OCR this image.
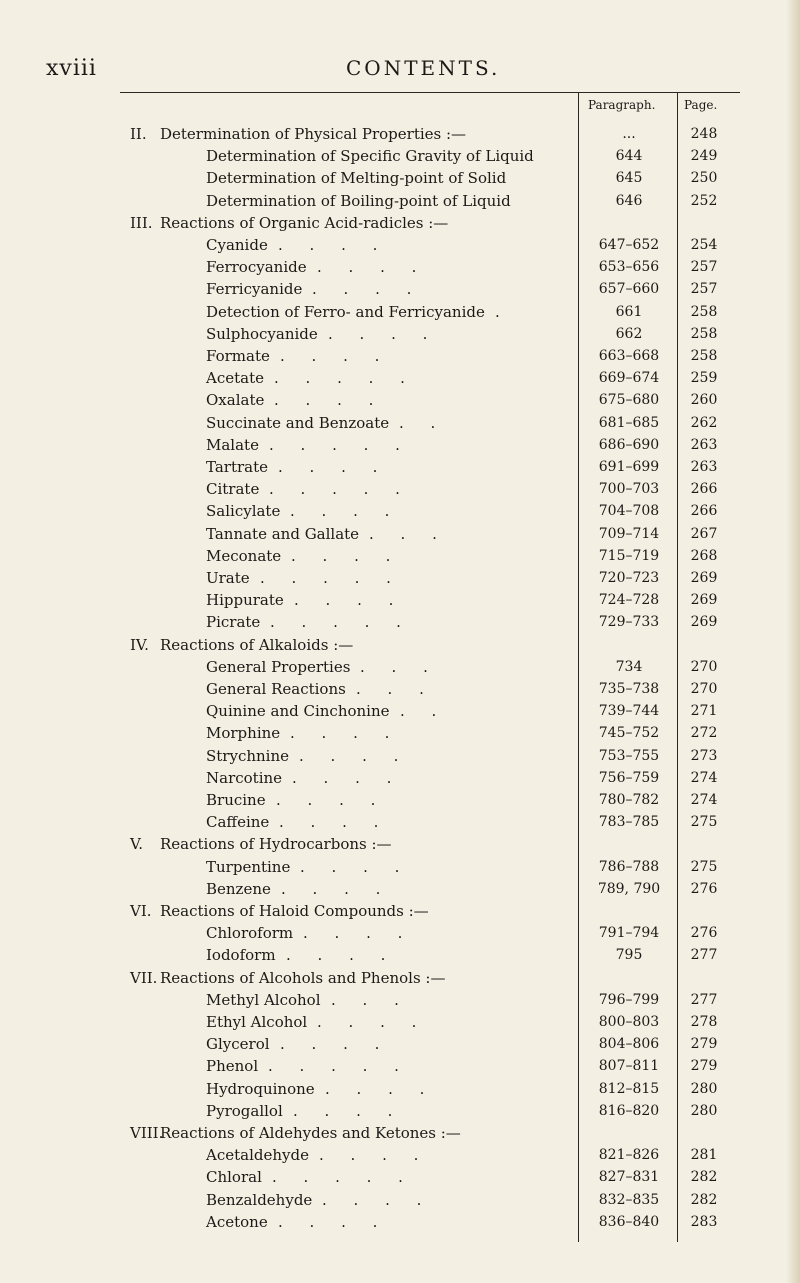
xviii	CONTENTS.
Paragraph. Page.
II. Determination of Physical Properties :—	...	248
Determination of Specific Gravity of Liquid	644	249
Determination of Melting-point of Solid	645	250
Determination of Boiling-point of Liquid	646	252
III. Reactions of Organic Acid-radicles :—
Cyanide . . . .	647–652	254
Ferrocyanide . . . .	653–656	257
Ferricyanide . . . .	657–660	257
Detection of Ferro- and Ferricyanide .	661	258
Sulphocyanide . . . .	662	258
Formate . . . .	663–668	258
Acetate . . . . .	669–674	259
Oxalate . . . .	675–680	260
Succinate and Benzoate . .	681–685	262
Malate . . . . .	686–690	263
Tartrate . . . .	691–699	263
Citrate . . . . .	700–703	266
Salicylate . . . .	704–708	266
Tannate and Gallate . . .	709–714	267
Meconate . . . .	715–719	268
Urate . . . . .	720–723	269
Hippurate . . . .	724–728	269
Picrate . . . . .	729–733	269
IV. Reactions of Alkaloids :—
General Properties . . .	734	270
General Reactions . . .	735–738	270
Quinine and Cinchonine . .	739–744	271
Morphine . . . .	745–752	272
Strychnine . . . .	753–755	273
Narcotine . . . .	756–759	274
Brucine . . . .	780–782	274
Caffeine . . . .	783–785	275
V.	Reactions of Hydrocarbons :—
Turpentine . . . .	786–788	275
Benzene . . . .	789, 790	276
VI. Reactions of Haloid Compounds :—
Chloroform . . . .	791–794	276
Iodoform . . . .	795	277
VII. Reactions of Alcohols and Phenols :—
Methyl Alcohol . . .	796–799	277
Ethyl Alcohol . . . .	800–803	278
Glycerol . . . .	804–806	279
Phenol . . . . .	807–811	279
Hydroquinone . . . .	812–815	280
Pyrogallol . . . .	816–820	280
VIII.
Reactions of Aldehydes and Ketones :—
Acetaldehyde . . . .	821–826	281
Chloral . . . . .	827–831	282
Benzaldehyde . . . .	832–835	282
Acetone . . . .	836–840	283
